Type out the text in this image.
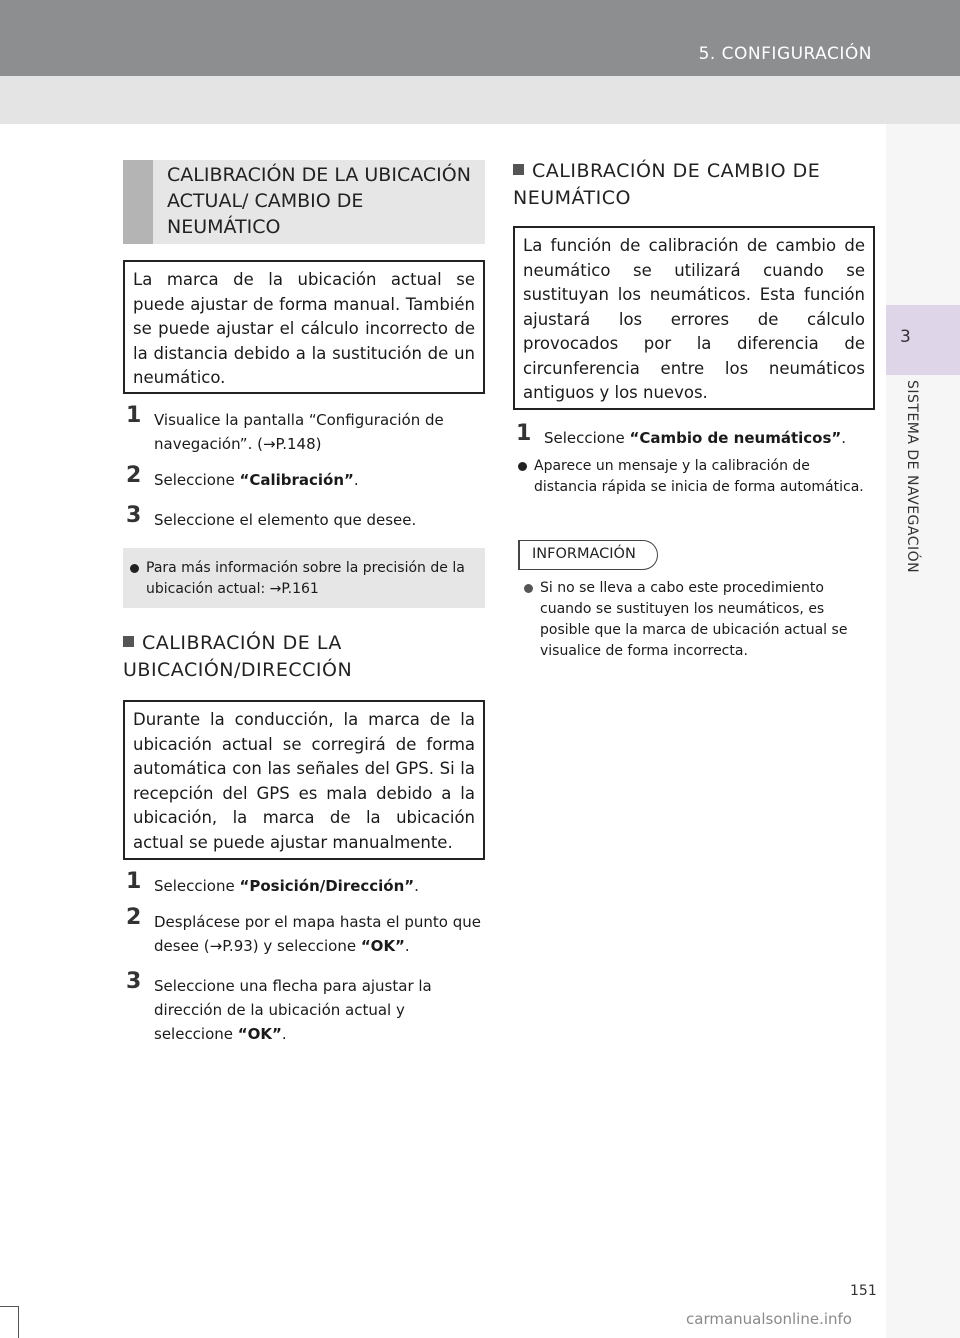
5. CONFIGURACIÓN
3
SISTEMA DE NAVEGACIÓN
CALIBRACIÓN DE LA UBICACIÓN ACTUAL/ CAMBIO DE NEUMÁTICO
La marca de la ubicación actual se puede ajustar de forma manual. También se puede ajustar el cálculo incorrecto de la distancia debido a la sustitución de un neumático.
1 Visualice la pantalla “Configuración de navegación”. (→P.148)
2 Seleccione “Calibración”.
3 Seleccione el elemento que desee.
Para más información sobre la precisión de la ubicación actual: →P.161
CALIBRACIÓN DE LA UBICACIÓN/DIRECCIÓN
Durante la conducción, la marca de la ubicación actual se corregirá de forma automática con las señales del GPS. Si la recepción del GPS es mala debido a la ubicación, la marca de la ubicación actual se puede ajustar manualmente.
1 Seleccione “Posición/Dirección”.
2 Desplácese por el mapa hasta el punto que desee (→P.93) y seleccione “OK”.
3 Seleccione una flecha para ajustar la dirección de la ubicación actual y seleccione “OK”.
CALIBRACIÓN DE CAMBIO DE NEUMÁTICO
La función de calibración de cambio de neumático se utilizará cuando se sustituyan los neumáticos. Esta función ajustará los errores de cálculo provocados por la diferencia de circunferencia entre los neumáticos antiguos y los nuevos.
1 Seleccione “Cambio de neumáticos”.
Aparece un mensaje y la calibración de distancia rápida se inicia de forma automática.
INFORMACIÓN
Si no se lleva a cabo este procedimiento cuando se sustituyen los neumáticos, es posible que la marca de ubicación actual se visualice de forma incorrecta.
151
carmanualsonline.info
